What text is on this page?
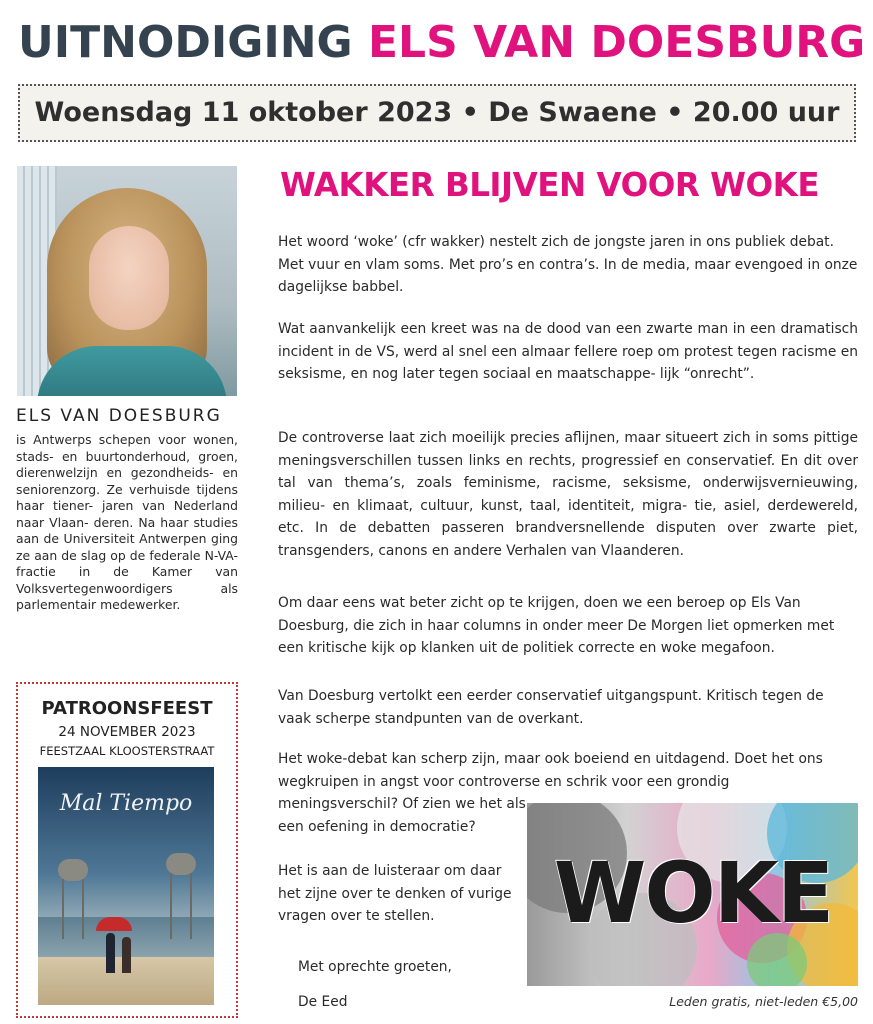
UITNODIGING ELS VAN DOESBURG
Woensdag 11 oktober 2023 • De Swaene • 20.00 uur
ELS VAN DOESBURG
is Antwerps schepen voor wonen, stads- en buurtonderhoud, groen, dierenwelzijn en gezondheids- en seniorenzorg. Ze verhuisde tijdens haar tiener- jaren van Nederland naar Vlaan- deren. Na haar studies aan de Universiteit Antwerpen ging ze aan de slag op de federale N-VA-fractie in de Kamer van Volksvertegenwoordigers als parlementair medewerker.
PATROONSFEEST
24 NOVEMBER 2023
FEESTZAAL KLOOSTERSTRAAT
Mal Tiempo
WAKKER BLIJVEN VOOR WOKE
Het woord ‘woke’ (cfr wakker) nestelt zich de jongste jaren in ons publiek debat. Met vuur en vlam soms. Met pro’s en contra’s. In de media, maar evengoed in onze dagelijkse babbel.
Wat aanvankelijk een kreet was na de dood van een zwarte man in een dramatisch incident in de VS, werd al snel een almaar fellere roep om protest tegen racisme en seksisme, en nog later tegen sociaal en maatschappe- lijk “onrecht”.
De controverse laat zich moeilijk precies aflijnen, maar situeert zich in soms pittige meningsverschillen tussen links en rechts, progressief en conservatief. En dit over tal van thema’s, zoals feminisme, racisme, seksisme, onderwijsvernieuwing, milieu- en klimaat, cultuur, kunst, taal, identiteit, migra- tie, asiel, derdewereld, etc. In de debatten passeren brandversnellende disputen over zwarte piet, transgenders, canons en andere Verhalen van Vlaanderen.
Om daar eens wat beter zicht op te krijgen, doen we een beroep op Els Van Doesburg, die zich in haar columns in onder meer De Morgen liet opmerken met een kritische kijk op klanken uit de politiek correcte en woke megafoon.
Van Doesburg vertolkt een eerder conservatief uitgangspunt. Kritisch tegen de vaak scherpe standpunten van de overkant.
Het woke-debat kan scherp zijn, maar ook boeiend en uitdagend. Doet het ons wegkruipen in angst voor controverse en schrik voor een grondig
meningsverschil? Of zien we het als een oefening in democratie?
Het is aan de luisteraar om daar het zijne over te denken of vurige vragen over te stellen.	WOKE
Met oprechte groeten,
De Eed	Leden gratis, niet-leden €5,00
